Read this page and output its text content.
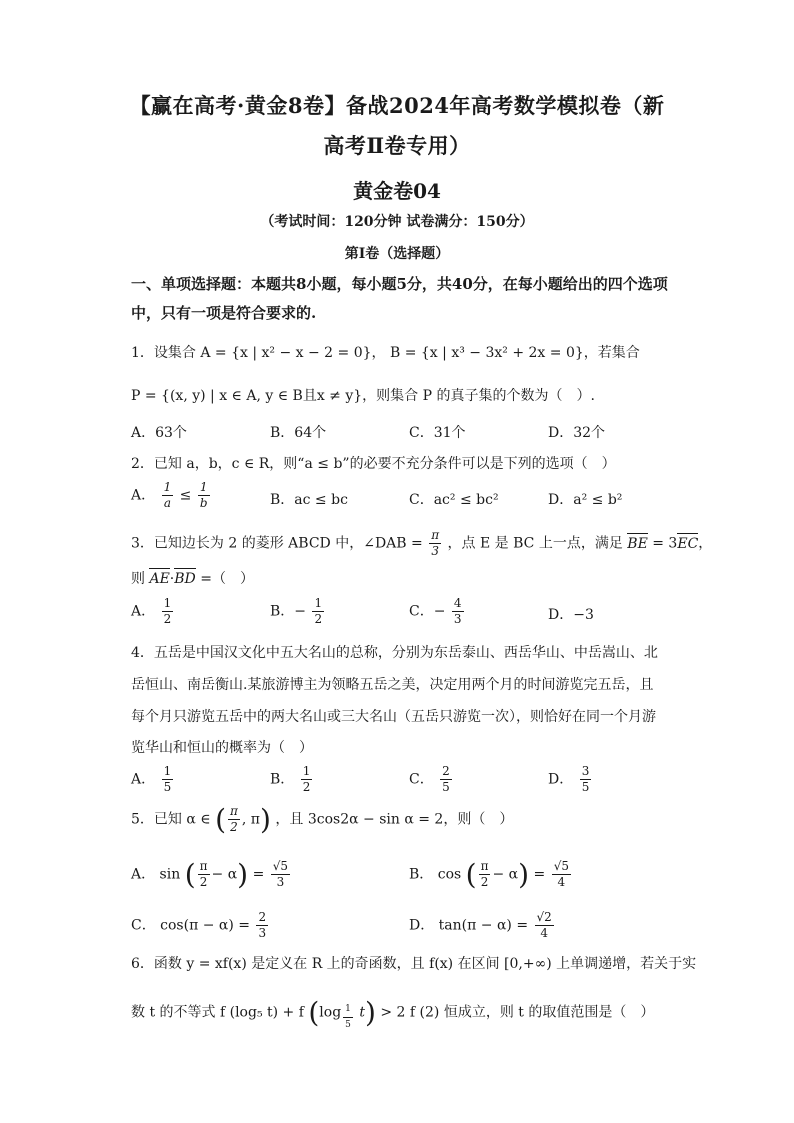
【赢在高考·黄金8卷】备战2024年高考数学模拟卷（新
高考Ⅱ卷专用）
黄金卷04
（考试时间：120分钟 试卷满分：150分）
第Ⅰ卷（选择题）
一、单项选择题：本题共8小题，每小题5分，共40分，在每小题给出的四个选项中，只有一项是符合要求的.
1．设集合 A = {x | x² − x − 2 = 0}， B = {x | x³ − 3x² + 2x = 0}，若集合
P = {(x, y) | x ∈ A, y ∈ B且x ≠ y}，则集合 P 的真子集的个数为（　）.
A．63个	B．64个	C．31个	D．32个
2．已知 a，b，c ∈ R，则“a ≤ b”的必要不充分条件可以是下列的选项（　）
A． $\frac{1}{a} \le \frac{1}{b}$	B．ac ≤ bc	C．ac² ≤ bc²	D．a² ≤ b²
3．已知边长为 2 的菱形 ABCD 中，∠DAB = $\frac{\pi}{3}$ ，点 E 是 BC 上一点，满足 BE = 3EC，
则 AE·BD =（　）
A． $\frac{1}{2}$	B．− $\frac{1}{2}$	C．− $\frac{4}{3}$	D．−3
4．五岳是中国汉文化中五大名山的总称，分别为东岳泰山、西岳华山、中岳嵩山、北
岳恒山、南岳衡山.某旅游博主为领略五岳之美，决定用两个月的时间游览完五岳，且
每个月只游览五岳中的两大名山或三大名山（五岳只游览一次），则恰好在同一个月游
览华山和恒山的概率为（　）
A． $\frac{1}{5}$	B． $\frac{1}{2}$	C． $\frac{2}{5}$	D． $\frac{3}{5}$
5．已知 α ∈ ( $\frac{\pi}{2}$ , π) ，且 3cos2α − sin α = 2，则（　）
A． sin ( $\frac{\pi}{2} - \alpha) = \frac{√5}{3}$	B． cos ( $\frac{\pi}{2} - \alpha) = \frac{√5}{4}$
C． $\cos(\pi - \alpha) = \frac{2}{3}$	D． $\tan(\pi - \alpha) = \frac{√2}{4}$
6．函数 y = xf(x) 是定义在 R 上的奇函数，且 f(x) 在区间 [0,+∞) 上单调递增，若关于实
数 t 的不等式 f (log₅ t) + f $(\log \frac{1}{5} t) > 2$ f (2) 恒成立，则 t 的取值范围是（　）
